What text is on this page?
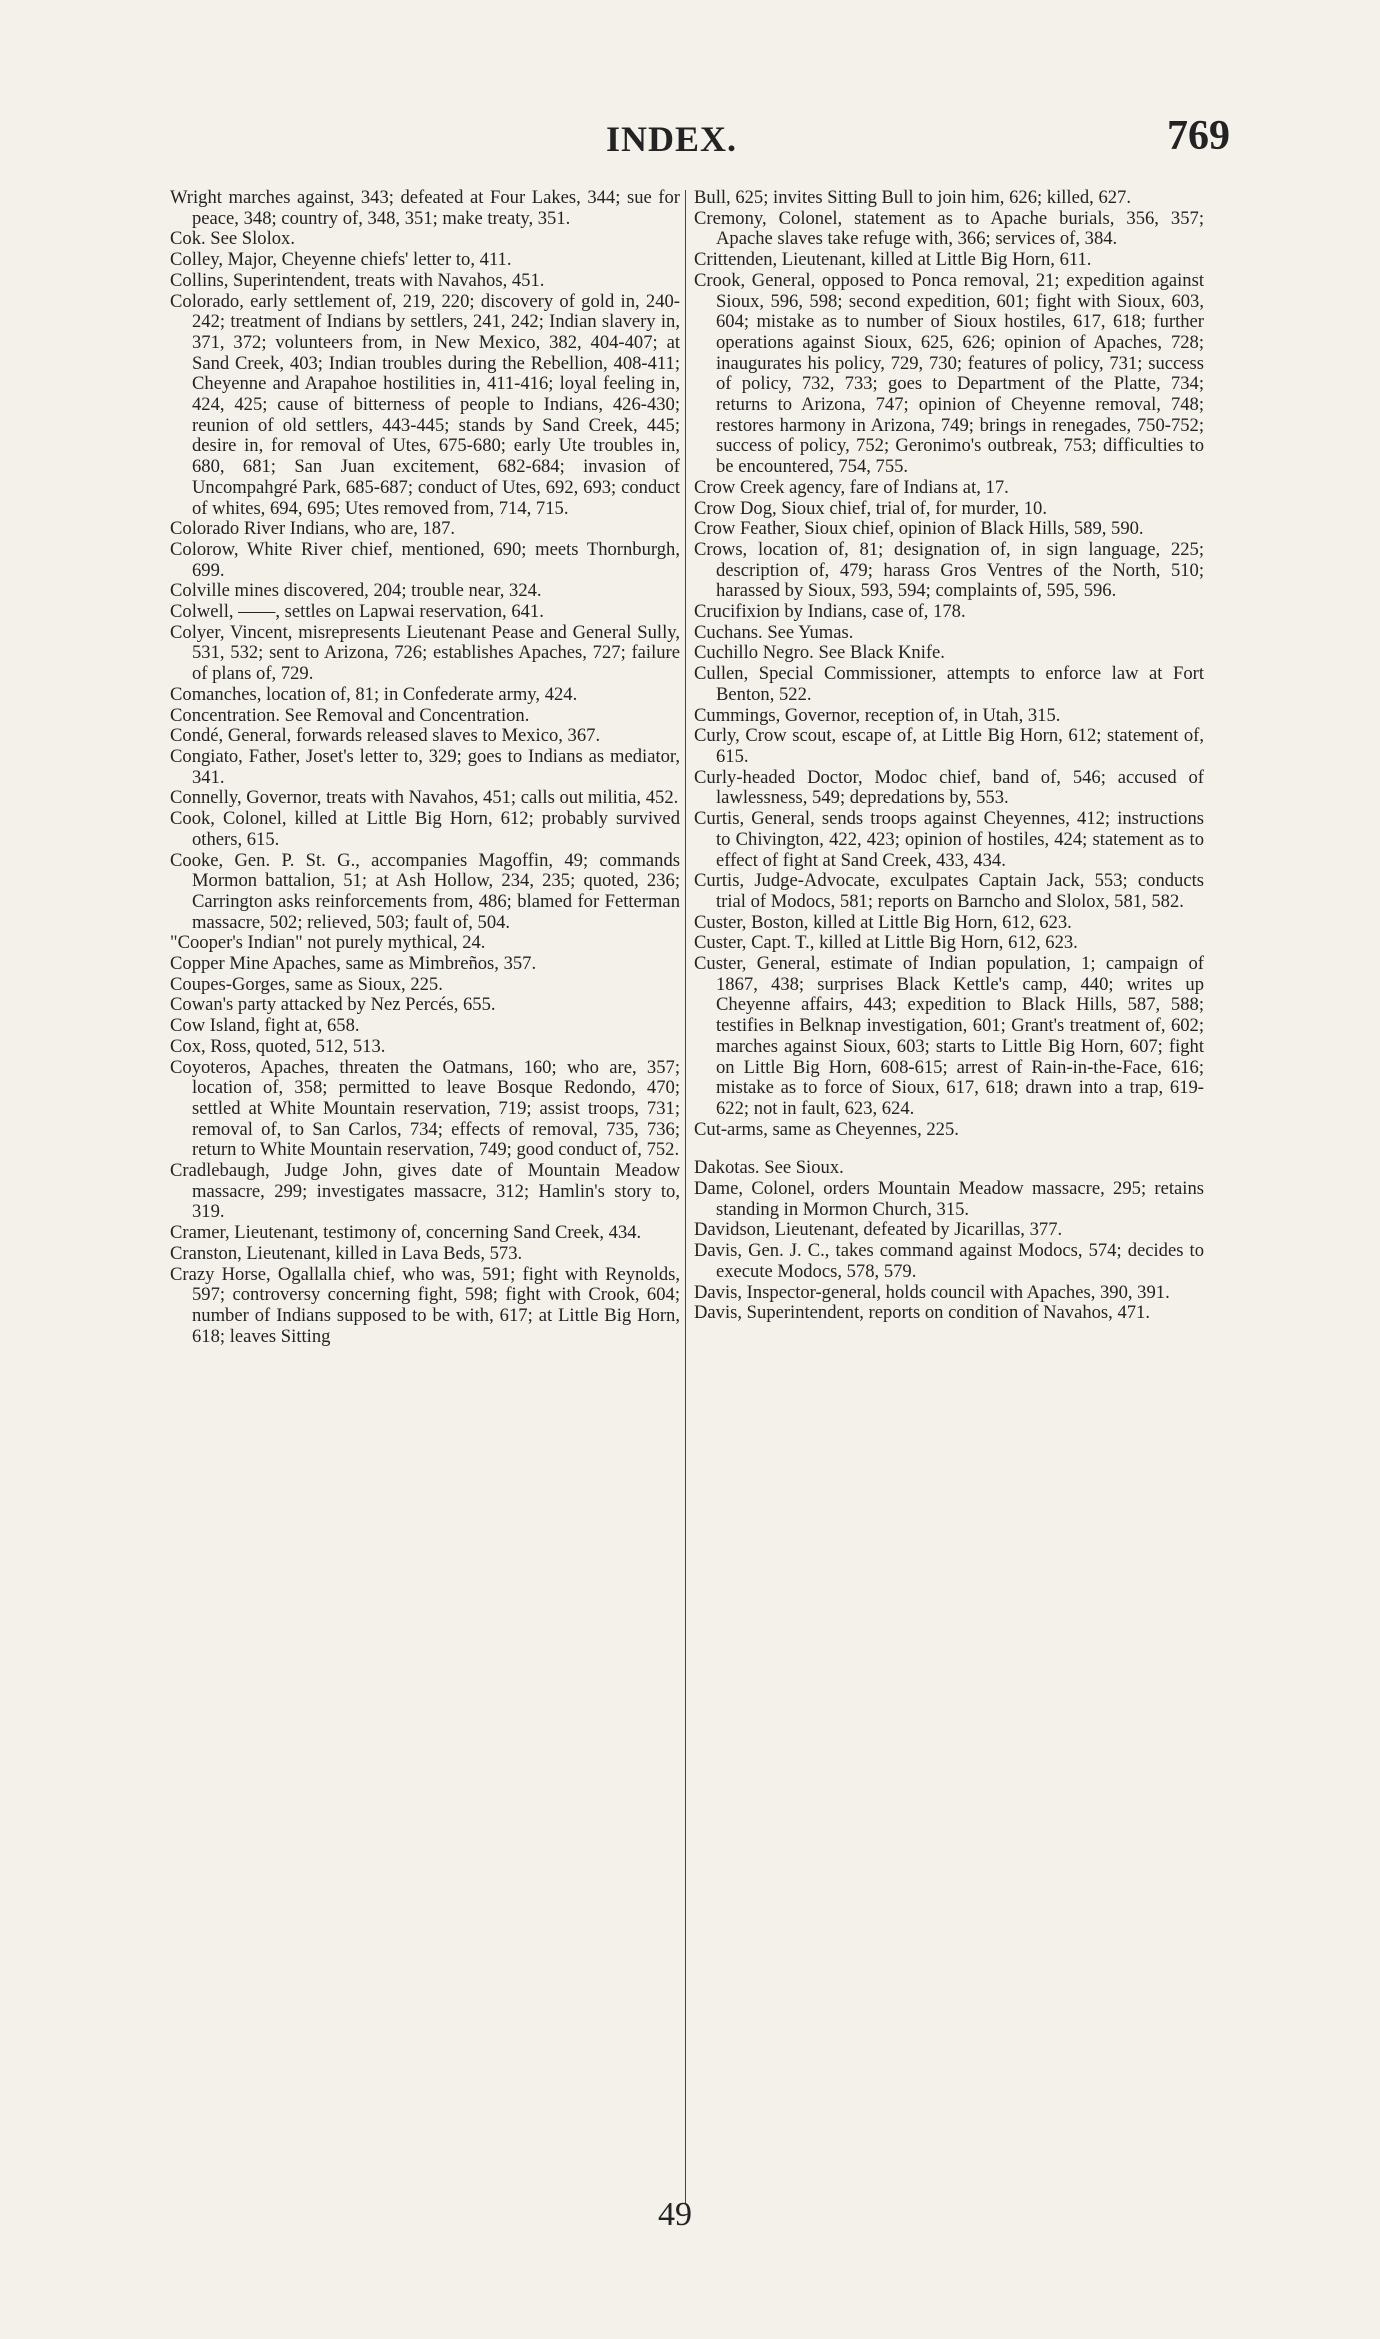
INDEX.	769

Wright marches against, 343; defeated at Four Lakes, 344; sue for peace, 348; country of, 348, 351; make treaty, 351.

Cok. See Slolox.

Colley, Major, Cheyenne chiefs' letter to, 411.

Collins, Superintendent, treats with Navahos, 451.

Colorado, early settlement of, 219, 220; discovery of gold in, 240-242; treatment of Indians by settlers, 241, 242; Indian slavery in, 371, 372; volunteers from, in New Mexico, 382, 404-407; at Sand Creek, 403; Indian troubles during the Rebellion, 408-411; Cheyenne and Arapahoe hostilities in, 411-416; loyal feeling in, 424, 425; cause of bitterness of people to Indians, 426-430; reunion of old settlers, 443-445; stands by Sand Creek, 445; desire in, for removal of Utes, 675-680; early Ute troubles in, 680, 681; San Juan excitement, 682-684; invasion of Uncompahgré Park, 685-687; conduct of Utes, 692, 693; conduct of whites, 694, 695; Utes removed from, 714, 715.

Colorado River Indians, who are, 187.

Colorow, White River chief, mentioned, 690; meets Thornburgh, 699.

Colville mines discovered, 204; trouble near, 324.

Colwell, ——, settles on Lapwai reservation, 641.

Colyer, Vincent, misrepresents Lieutenant Pease and General Sully, 531, 532; sent to Arizona, 726; establishes Apaches, 727; failure of plans of, 729.

Comanches, location of, 81; in Confederate army, 424.

Concentration. See Removal and Concentration.

Condé, General, forwards released slaves to Mexico, 367.

Congiato, Father, Joset's letter to, 329; goes to Indians as mediator, 341.

Connelly, Governor, treats with Navahos, 451; calls out militia, 452.

Cook, Colonel, killed at Little Big Horn, 612; probably survived others, 615.

Cooke, Gen. P. St. G., accompanies Magoffin, 49; commands Mormon battalion, 51; at Ash Hollow, 234, 235; quoted, 236; Carrington asks reinforcements from, 486; blamed for Fetterman massacre, 502; relieved, 503; fault of, 504.

"Cooper's Indian" not purely mythical, 24.

Copper Mine Apaches, same as Mimbreños, 357.

Coupes-Gorges, same as Sioux, 225.

Cowan's party attacked by Nez Percés, 655.

Cow Island, fight at, 658.

Cox, Ross, quoted, 512, 513.

Coyoteros, Apaches, threaten the Oatmans, 160; who are, 357; location of, 358; permitted to leave Bosque Redondo, 470; settled at White Mountain reservation, 719; assist troops, 731; removal of, to San Carlos, 734; effects of removal, 735, 736; return to White Mountain reservation, 749; good conduct of, 752.

Cradlebaugh, Judge John, gives date of Mountain Meadow massacre, 299; investigates massacre, 312; Hamlin's story to, 319.

Cramer, Lieutenant, testimony of, concerning Sand Creek, 434.

Cranston, Lieutenant, killed in Lava Beds, 573.

Crazy Horse, Ogallalla chief, who was, 591; fight with Reynolds, 597; controversy concerning fight, 598; fight with Crook, 604; number of Indians supposed to be with, 617; at Little Big Horn, 618; leaves Sitting

Bull, 625; invites Sitting Bull to join him, 626; killed, 627.

Cremony, Colonel, statement as to Apache burials, 356, 357; Apache slaves take refuge with, 366; services of, 384.

Crittenden, Lieutenant, killed at Little Big Horn, 611.

Crook, General, opposed to Ponca removal, 21; expedition against Sioux, 596, 598; second expedition, 601; fight with Sioux, 603, 604; mistake as to number of Sioux hostiles, 617, 618; further operations against Sioux, 625, 626; opinion of Apaches, 728; inaugurates his policy, 729, 730; features of policy, 731; success of policy, 732, 733; goes to Department of the Platte, 734; returns to Arizona, 747; opinion of Cheyenne removal, 748; restores harmony in Arizona, 749; brings in renegades, 750-752; success of policy, 752; Geronimo's outbreak, 753; difficulties to be encountered, 754, 755.

Crow Creek agency, fare of Indians at, 17.

Crow Dog, Sioux chief, trial of, for murder, 10.

Crow Feather, Sioux chief, opinion of Black Hills, 589, 590.

Crows, location of, 81; designation of, in sign language, 225; description of, 479; harass Gros Ventres of the North, 510; harassed by Sioux, 593, 594; complaints of, 595, 596.

Crucifixion by Indians, case of, 178.

Cuchans. See Yumas.

Cuchillo Negro. See Black Knife.

Cullen, Special Commissioner, attempts to enforce law at Fort Benton, 522.

Cummings, Governor, reception of, in Utah, 315.

Curly, Crow scout, escape of, at Little Big Horn, 612; statement of, 615.

Curly-headed Doctor, Modoc chief, band of, 546; accused of lawlessness, 549; depredations by, 553.

Curtis, General, sends troops against Cheyennes, 412; instructions to Chivington, 422, 423; opinion of hostiles, 424; statement as to effect of fight at Sand Creek, 433, 434.

Curtis, Judge-Advocate, exculpates Captain Jack, 553; conducts trial of Modocs, 581; reports on Barncho and Slolox, 581, 582.

Custer, Boston, killed at Little Big Horn, 612, 623.

Custer, Capt. T., killed at Little Big Horn, 612, 623.

Custer, General, estimate of Indian population, 1; campaign of 1867, 438; surprises Black Kettle's camp, 440; writes up Cheyenne affairs, 443; expedition to Black Hills, 587, 588; testifies in Belknap investigation, 601; Grant's treatment of, 602; marches against Sioux, 603; starts to Little Big Horn, 607; fight on Little Big Horn, 608-615; arrest of Rain-in-the-Face, 616; mistake as to force of Sioux, 617, 618; drawn into a trap, 619-622; not in fault, 623, 624.

Cut-arms, same as Cheyennes, 225.

Dakotas. See Sioux.

Dame, Colonel, orders Mountain Meadow massacre, 295; retains standing in Mormon Church, 315.

Davidson, Lieutenant, defeated by Jicarillas, 377.

Davis, Gen. J. C., takes command against Modocs, 574; decides to execute Modocs, 578, 579.

Davis, Inspector-general, holds council with Apaches, 390, 391.

Davis, Superintendent, reports on condition of Navahos, 471.

49
